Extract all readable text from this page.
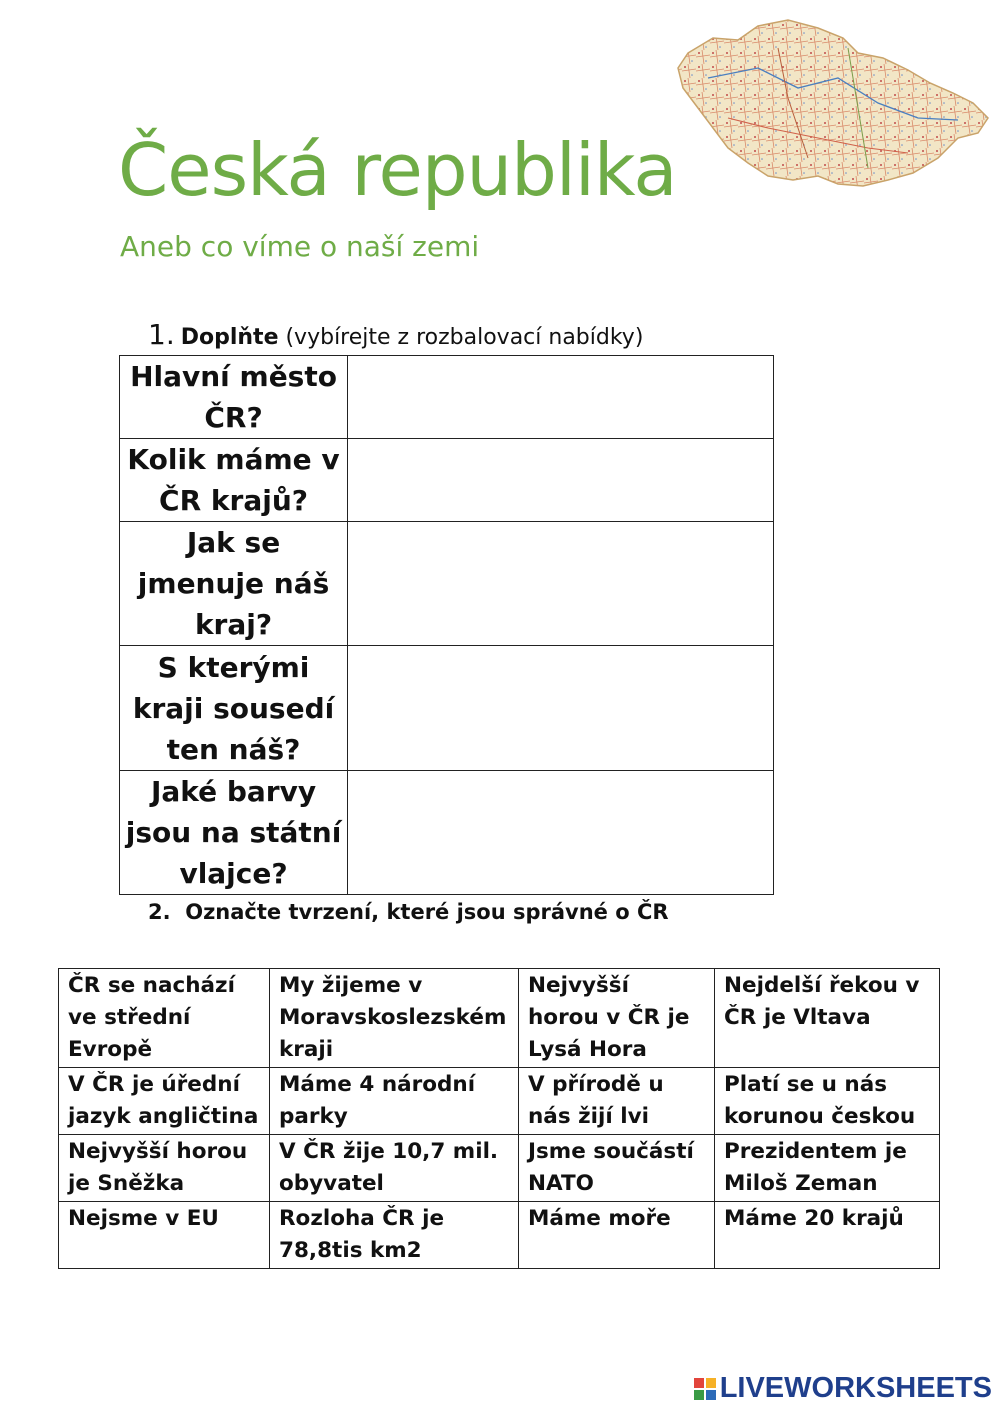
Česká republika
Aneb co víme o naší zemi
1. Doplňte (vybírejte z rozbalovací nabídky)
Hlavní město ČR?	
Kolik máme v ČR krajů?	
Jak se jmenuje náš kraj?	
S kterými kraji sousedí ten náš?	
Jaké barvy jsou na státní vlajce?	
2. Označte tvrzení, které jsou správné o ČR
ČR se nachází ve střední Evropě	My žijeme v Moravskoslezském kraji	Nejvyšší horou v ČR je Lysá Hora	Nejdelší řekou v ČR je Vltava
V ČR je úřední jazyk angličtina	Máme 4 národní parky	V přírodě u nás žijí lvi	Platí se u nás korunou českou
Nejvyšší horou je Sněžka	V ČR žije 10,7 mil. obyvatel	Jsme součástí NATO	Prezidentem je Miloš Zeman
Nejsme v EU	Rozloha ČR je 78,8tis km2	Máme moře	Máme 20 krajů
LIVEWORKSHEETS
